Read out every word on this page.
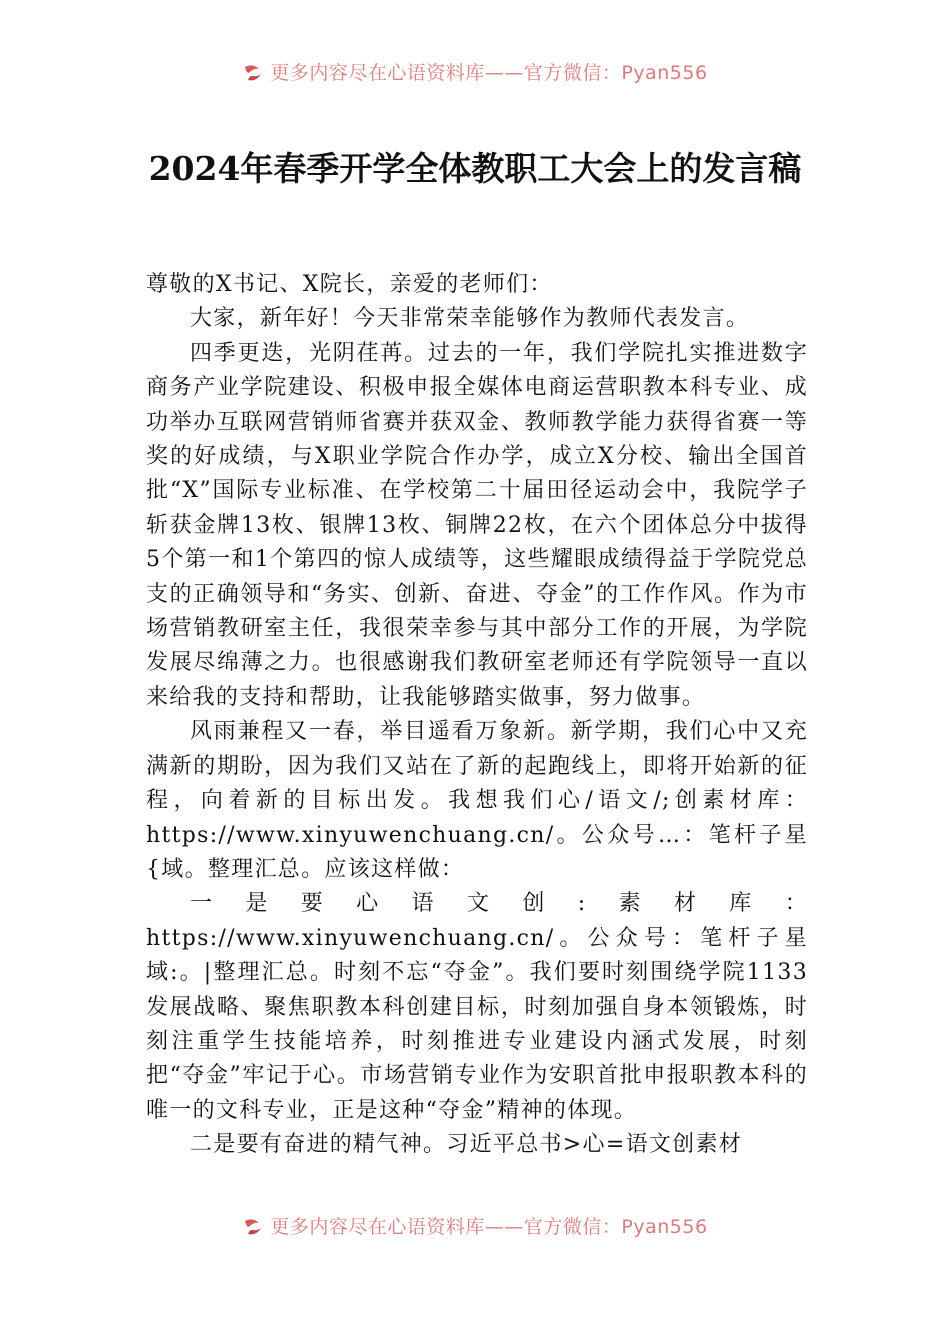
更多内容尽在心语资料库——官方微信：Pyan556
2024年春季开学全体教职工大会上的发言稿

尊敬的X书记、X院长，亲爱的老师们：

大家，新年好！今天非常荣幸能够作为教师代表发言。

四季更迭，光阴荏苒。过去的一年，我们学院扎实推进数字商务产业学院建设、积极申报全媒体电商运营职教本科专业、成功举办互联网营销师省赛并获双金、教师教学能力获得省赛一等奖的好成绩，与X职业学院合作办学，成立X分校、输出全国首批“X”国际专业标准、在学校第二十届田径运动会中，我院学子斩获金牌13枚、银牌13枚、铜牌22枚，在六个团体总分中拔得5个第一和1个第四的惊人成绩等，这些耀眼成绩得益于学院党总支的正确领导和“务实、创新、奋进、夺金”的工作作风。作为市场营销教研室主任，我很荣幸参与其中部分工作的开展，为学院发展尽绵薄之力。也很感谢我们教研室老师还有学院领导一直以来给我的支持和帮助，让我能够踏实做事，努力做事。

风雨兼程又一春，举目遥看万象新。新学期，我们心中又充满新的期盼，因为我们又站在了新的起跑线上，即将开始新的征程，向着新的目标出发。我想我们心/语文/;创素材库：https://www.xinyuwenchuang.cn/。公众号…：笔杆子星{域。整理汇总。应该这样做：

一是要心语文创:素材库：https://www.xinyuwenchuang.cn/。公众号：笔杆子星域:。|整理汇总。时刻不忘“夺金”。我们要时刻围绕学院1133发展战略、聚焦职教本科创建目标，时刻加强自身本领锻炼，时刻注重学生技能培养，时刻推进专业建设内涵式发展，时刻把“夺金”牢记于心。市场营销专业作为安职首批申报职教本科的唯一的文科专业，正是这种“夺金”精神的体现。

二是要有奋进的精气神。习近平总书>心=语文创素材

更多内容尽在心语资料库——官方微信：Pyan556
